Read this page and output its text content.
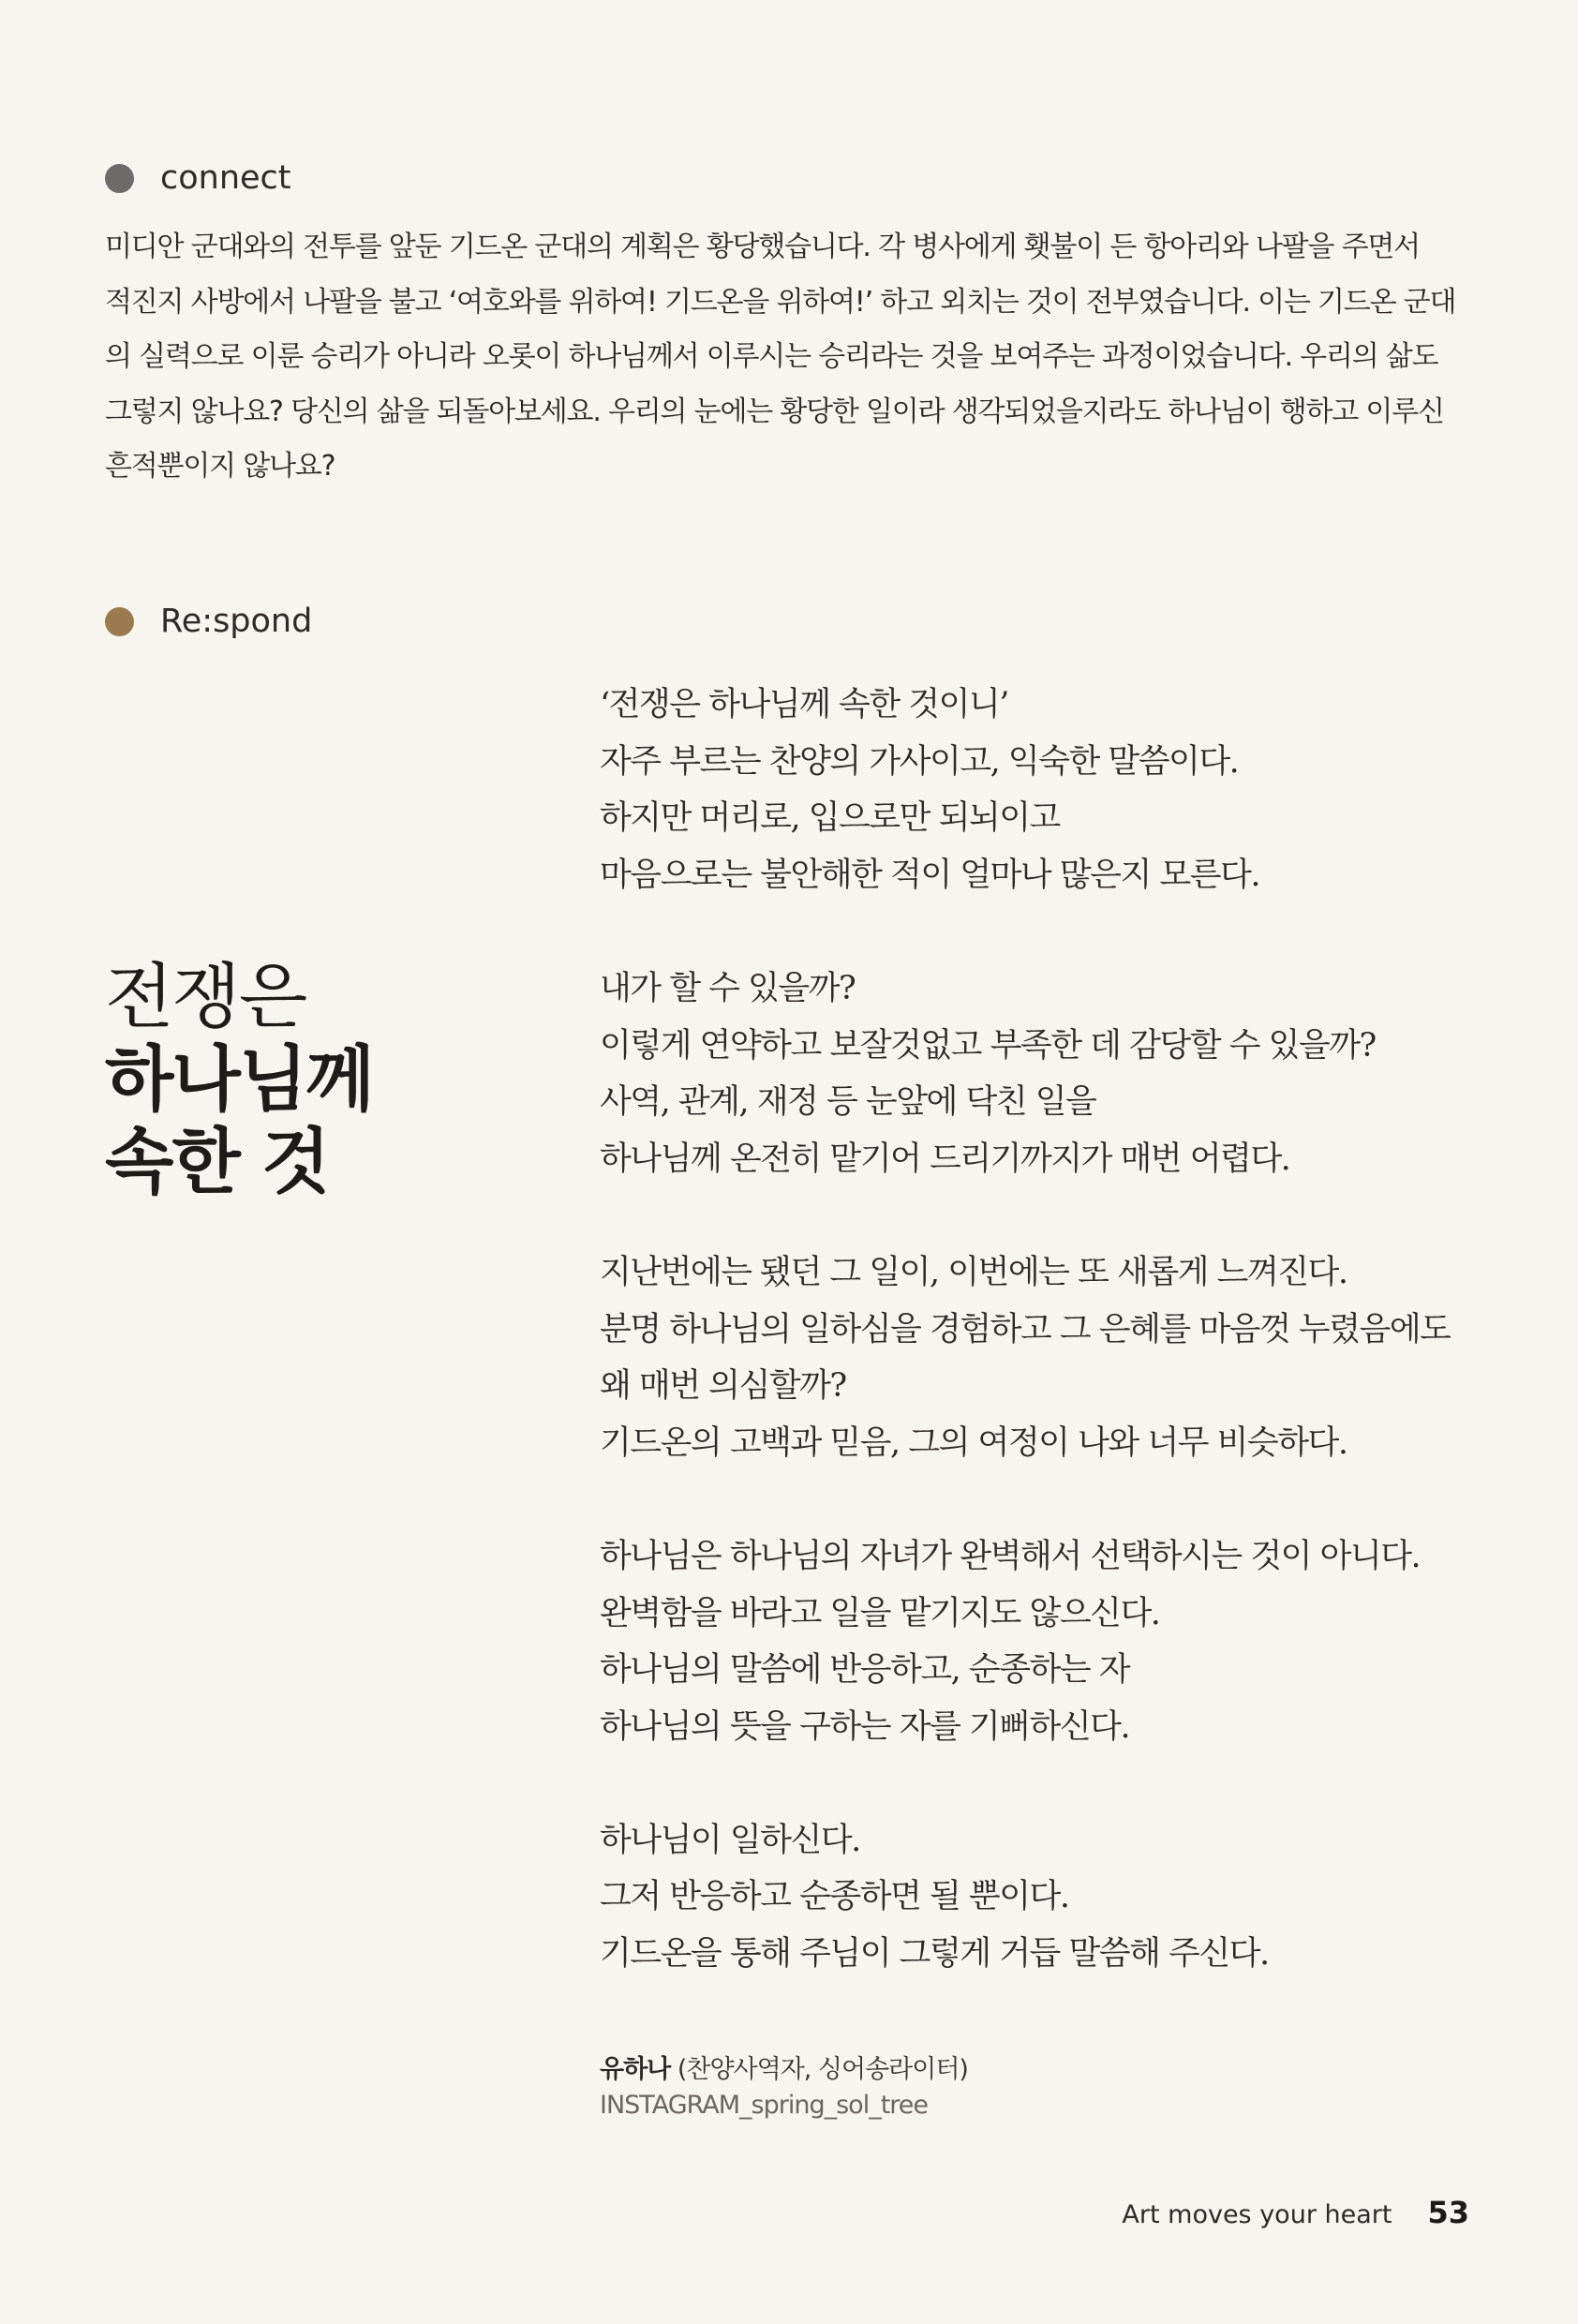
connect

미디안 군대와의 전투를 앞둔 기드온 군대의 계획은 황당했습니다. 각 병사에게 횃불이 든 항아리와 나팔을 주면서

적진지 사방에서 나팔을 불고 ‘여호와를 위하여! 기드온을 위하여!’ 하고 외치는 것이 전부였습니다. 이는 기드온 군대

의 실력으로 이룬 승리가 아니라 오롯이 하나님께서 이루시는 승리라는 것을 보여주는 과정이었습니다. 우리의 삶도

그렇지 않나요? 당신의 삶을 되돌아보세요. 우리의 눈에는 황당한 일이라 생각되었을지라도 하나님이 행하고 이루신

흔적뿐이지 않나요?

Re:spond
전쟁은
하나님께
속한 것
‘전쟁은 하나님께 속한 것이니’
자주 부르는 찬양의 가사이고, 익숙한 말씀이다.
하지만 머리로, 입으로만 되뇌이고
마음으로는 불안해한 적이 얼마나 많은지 모른다.
내가 할 수 있을까?
이렇게 연약하고 보잘것없고 부족한 데 감당할 수 있을까?
사역, 관계, 재정 등 눈앞에 닥친 일을
하나님께 온전히 맡기어 드리기까지가 매번 어렵다.
지난번에는 됐던 그 일이, 이번에는 또 새롭게 느껴진다.
분명 하나님의 일하심을 경험하고 그 은혜를 마음껏 누렸음에도
왜 매번 의심할까?
기드온의 고백과 믿음, 그의 여정이 나와 너무 비슷하다.
하나님은 하나님의 자녀가 완벽해서 선택하시는 것이 아니다.
완벽함을 바라고 일을 맡기지도 않으신다.
하나님의 말씀에 반응하고, 순종하는 자
하나님의 뜻을 구하는 자를 기뻐하신다.
하나님이 일하신다.
그저 반응하고 순종하면 될 뿐이다.
기드온을 통해 주님이 그렇게 거듭 말씀해 주신다.
유하나 (찬양사역자, 싱어송라이터)
INSTAGRAM_spring_sol_tree
Art moves your heart 53
